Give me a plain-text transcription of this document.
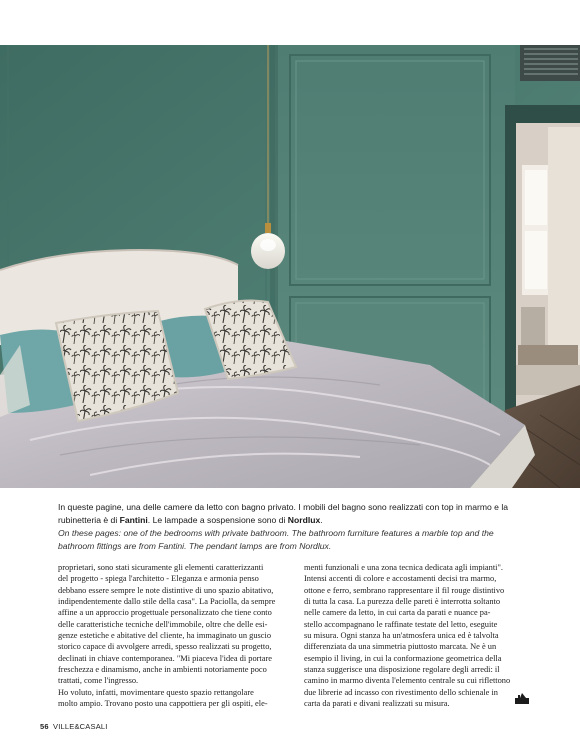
In queste pagine, una delle camere da letto con bagno privato. I mobili del bagno sono realizzati con top in marmo e la rubinetteria è di Fantini. Le lampade a sospensione sono di Nordlux.
On these pages: one of the bedrooms with private bathroom. The bathroom furniture features a marble top and the bathroom fittings are from Fantini. The pendant lamps are from Nordlux.
proprietari, sono stati sicuramente gli elementi caratterizzanti
del progetto - spiega l'architetto - Eleganza e armonia penso
debbano essere sempre le note distintive di uno spazio abitativo,
indipendentemente dallo stile della casa". La Paciolla, da sempre
affine a un approccio progettuale personalizzato che tiene conto
delle caratteristiche tecniche dell'immobile, oltre che delle esi-
genze estetiche e abitative del cliente, ha immaginato un guscio
storico capace di avvolgere arredi, spesso realizzati su progetto,
declinati in chiave contemporanea. "Mi piaceva l'idea di portare
freschezza e dinamismo, anche in ambienti notoriamente poco
trattati, come l'ingresso.
Ho voluto, infatti, movimentare questo spazio rettangolare
molto ampio. Trovano posto una cappottiera per gli ospiti, ele-
menti funzionali e una zona tecnica dedicata agli impianti".
Intensi accenti di colore e accostamenti decisi tra marmo,
ottone e ferro, sembrano rappresentare il fil rouge distintivo
di tutta la casa. La purezza delle pareti è interrotta soltanto
nelle camere da letto, in cui carta da parati e nuance pa-
stello accompagnano le raffinate testate del letto, eseguite
su misura. Ogni stanza ha un'atmosfera unica ed è talvolta
differenziata da una simmetria piuttosto marcata. Ne è un
esempio il living, in cui la conformazione geometrica della
stanza suggerisce una disposizione regolare degli arredi: il
camino in marmo diventa l'elemento centrale su cui riflettono
due librerie ad incasso con rivestimento dello schienale in
carta da parati e divani realizzati su misura.
56 VILLE&CASALI
